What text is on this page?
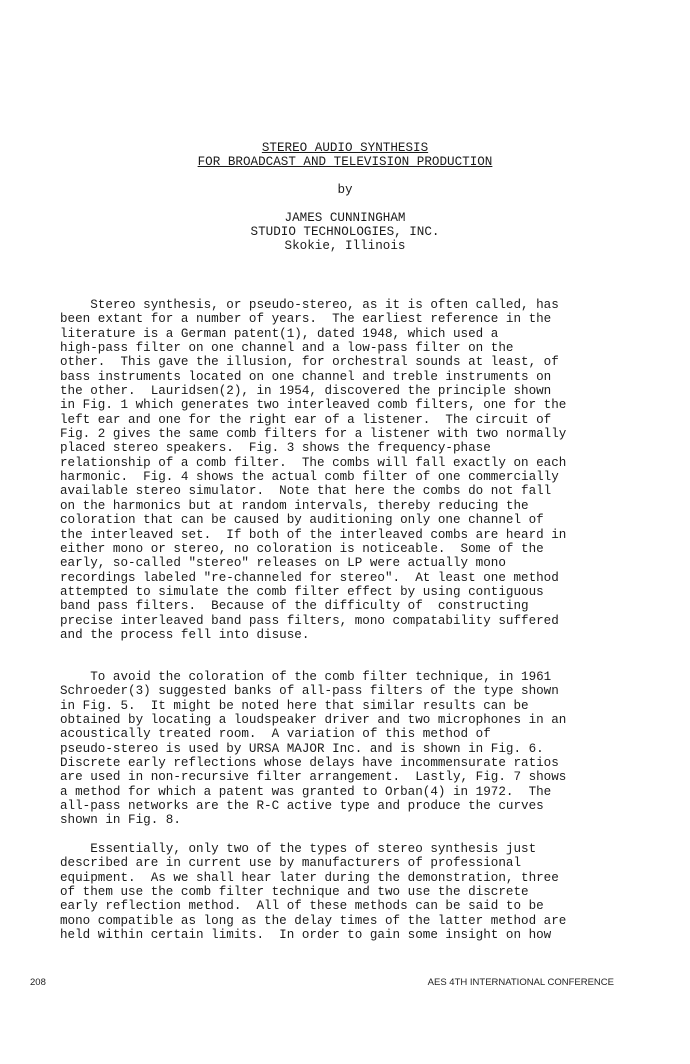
STEREO AUDIO SYNTHESIS
FOR BROADCAST AND TELEVISION PRODUCTION
by
JAMES CUNNINGHAM
STUDIO TECHNOLOGIES, INC.
Skokie, Illinois
Stereo synthesis, or pseudo-stereo, as it is often called, has
been extant for a number of years.  The earliest reference in the
literature is a German patent(1), dated 1948, which used a
high-pass filter on one channel and a low-pass filter on the
other.  This gave the illusion, for orchestral sounds at least, of
bass instruments located on one channel and treble instruments on
the other.  Lauridsen(2), in 1954, discovered the principle shown
in Fig. 1 which generates two interleaved comb filters, one for the
left ear and one for the right ear of a listener.  The circuit of
Fig. 2 gives the same comb filters for a listener with two normally
placed stereo speakers.  Fig. 3 shows the frequency-phase
relationship of a comb filter.  The combs will fall exactly on each
harmonic.  Fig. 4 shows the actual comb filter of one commercially
available stereo simulator.  Note that here the combs do not fall
on the harmonics but at random intervals, thereby reducing the
coloration that can be caused by auditioning only one channel of
the interleaved set.  If both of the interleaved combs are heard in
either mono or stereo, no coloration is noticeable.  Some of the
early, so-called "stereo" releases on LP were actually mono
recordings labeled "re-channeled for stereo".  At least one method
attempted to simulate the comb filter effect by using contiguous
band pass filters.  Because of the difficulty of  constructing
precise interleaved band pass filters, mono compatability suffered
and the process fell into disuse.
To avoid the coloration of the comb filter technique, in 1961
Schroeder(3) suggested banks of all-pass filters of the type shown
in Fig. 5.  It might be noted here that similar results can be
obtained by locating a loudspeaker driver and two microphones in an
acoustically treated room.  A variation of this method of
pseudo-stereo is used by URSA MAJOR Inc. and is shown in Fig. 6.
Discrete early reflections whose delays have incommensurate ratios
are used in non-recursive filter arrangement.  Lastly, Fig. 7 shows
a method for which a patent was granted to Orban(4) in 1972.  The
all-pass networks are the R-C active type and produce the curves
shown in Fig. 8.
Essentially, only two of the types of stereo synthesis just
described are in current use by manufacturers of professional
equipment.  As we shall hear later during the demonstration, three
of them use the comb filter technique and two use the discrete
early reflection method.  All of these methods can be said to be
mono compatible as long as the delay times of the latter method are
held within certain limits.  In order to gain some insight on how
208	AES 4TH INTERNATIONAL CONFERENCE
